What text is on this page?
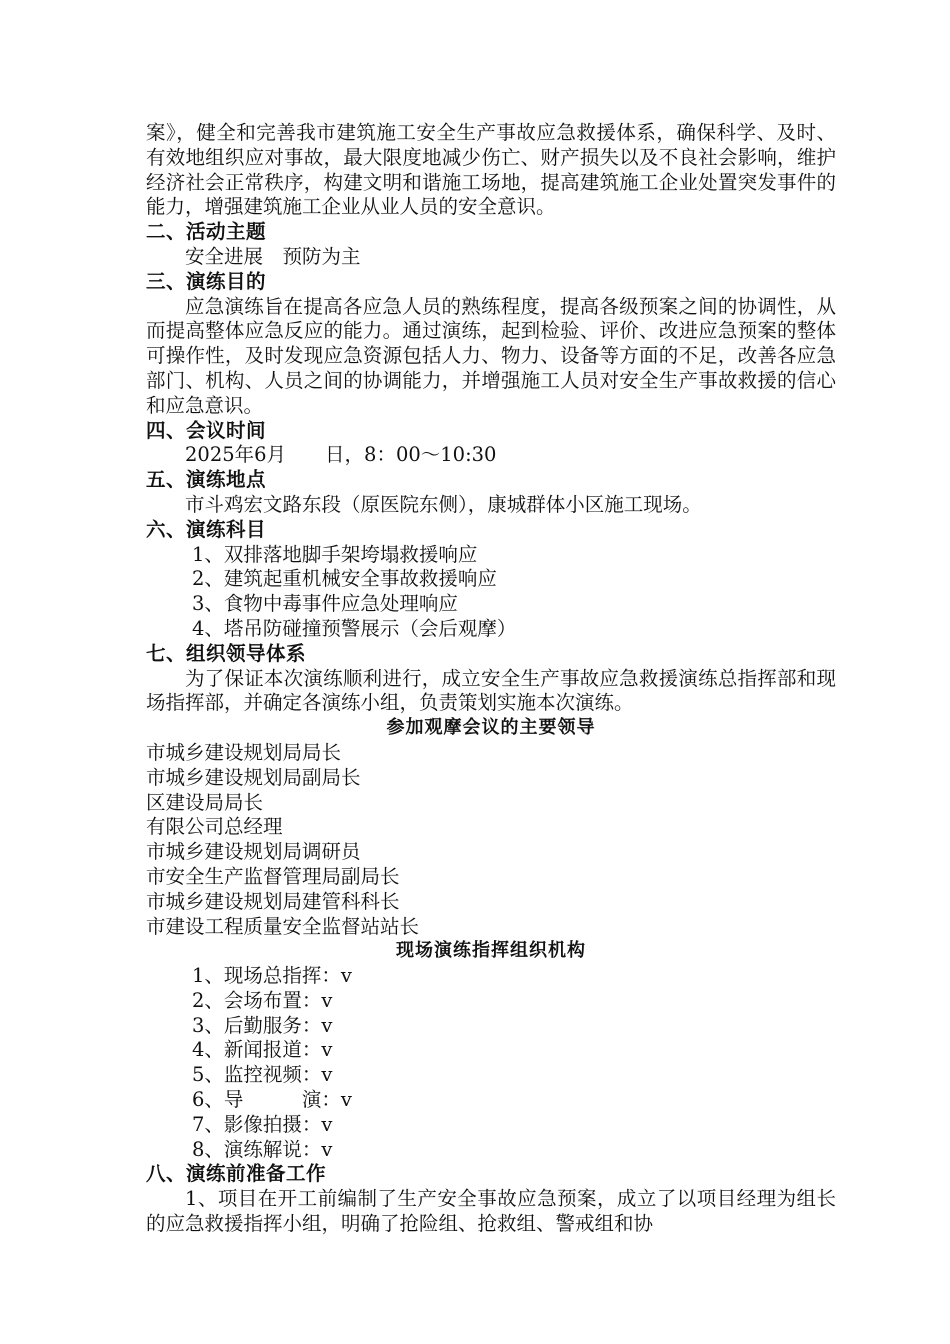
案》，健全和完善我市建筑施工安全生产事故应急救援体系，确保科学、及时、有效地组织应对事故，最大限度地减少伤亡、财产损失以及不良社会影响，维护经济社会正常秩序，构建文明和谐施工场地，提高建筑施工企业处置突发事件的能力，增强建筑施工企业从业人员的安全意识。

二、活动主题

安全进展　预防为主

三、演练目的

应急演练旨在提高各应急人员的熟练程度，提高各级预案之间的协调性，从而提高整体应急反应的能力。通过演练，起到检验、评价、改进应急预案的整体可操作性，及时发现应急资源包括人力、物力、设备等方面的不足，改善各应急部门、机构、人员之间的协调能力，并增强施工人员对安全生产事故救援的信心和应急意识。

四、会议时间

2025年6月　　日，8：00～10:30

五、演练地点

市斗鸡宏文路东段（原医院东侧），康城群体小区施工现场。

六、演练科目

1、双排落地脚手架垮塌救援响应

2、建筑起重机械安全事故救援响应

3、食物中毒事件应急处理响应

4、塔吊防碰撞预警展示（会后观摩）

七、组织领导体系

为了保证本次演练顺利进行，成立安全生产事故应急救援演练总指挥部和现场指挥部，并确定各演练小组，负责策划实施本次演练。

参加观摩会议的主要领导

市城乡建设规划局局长

市城乡建设规划局副局长

区建设局局长

有限公司总经理

市城乡建设规划局调研员

市安全生产监督管理局副局长

市城乡建设规划局建管科科长

市建设工程质量安全监督站站长

现场演练指挥组织机构

1、现场总指挥：v

2、会场布置：v

3、后勤服务：v

4、新闻报道：v

5、监控视频：v

6、导　　　演：v

7、影像拍摄：v

8、演练解说：v

八、演练前准备工作

1、项目在开工前编制了生产安全事故应急预案，成立了以项目经理为组长的应急救援指挥小组，明确了抢险组、抢救组、警戒组和协
